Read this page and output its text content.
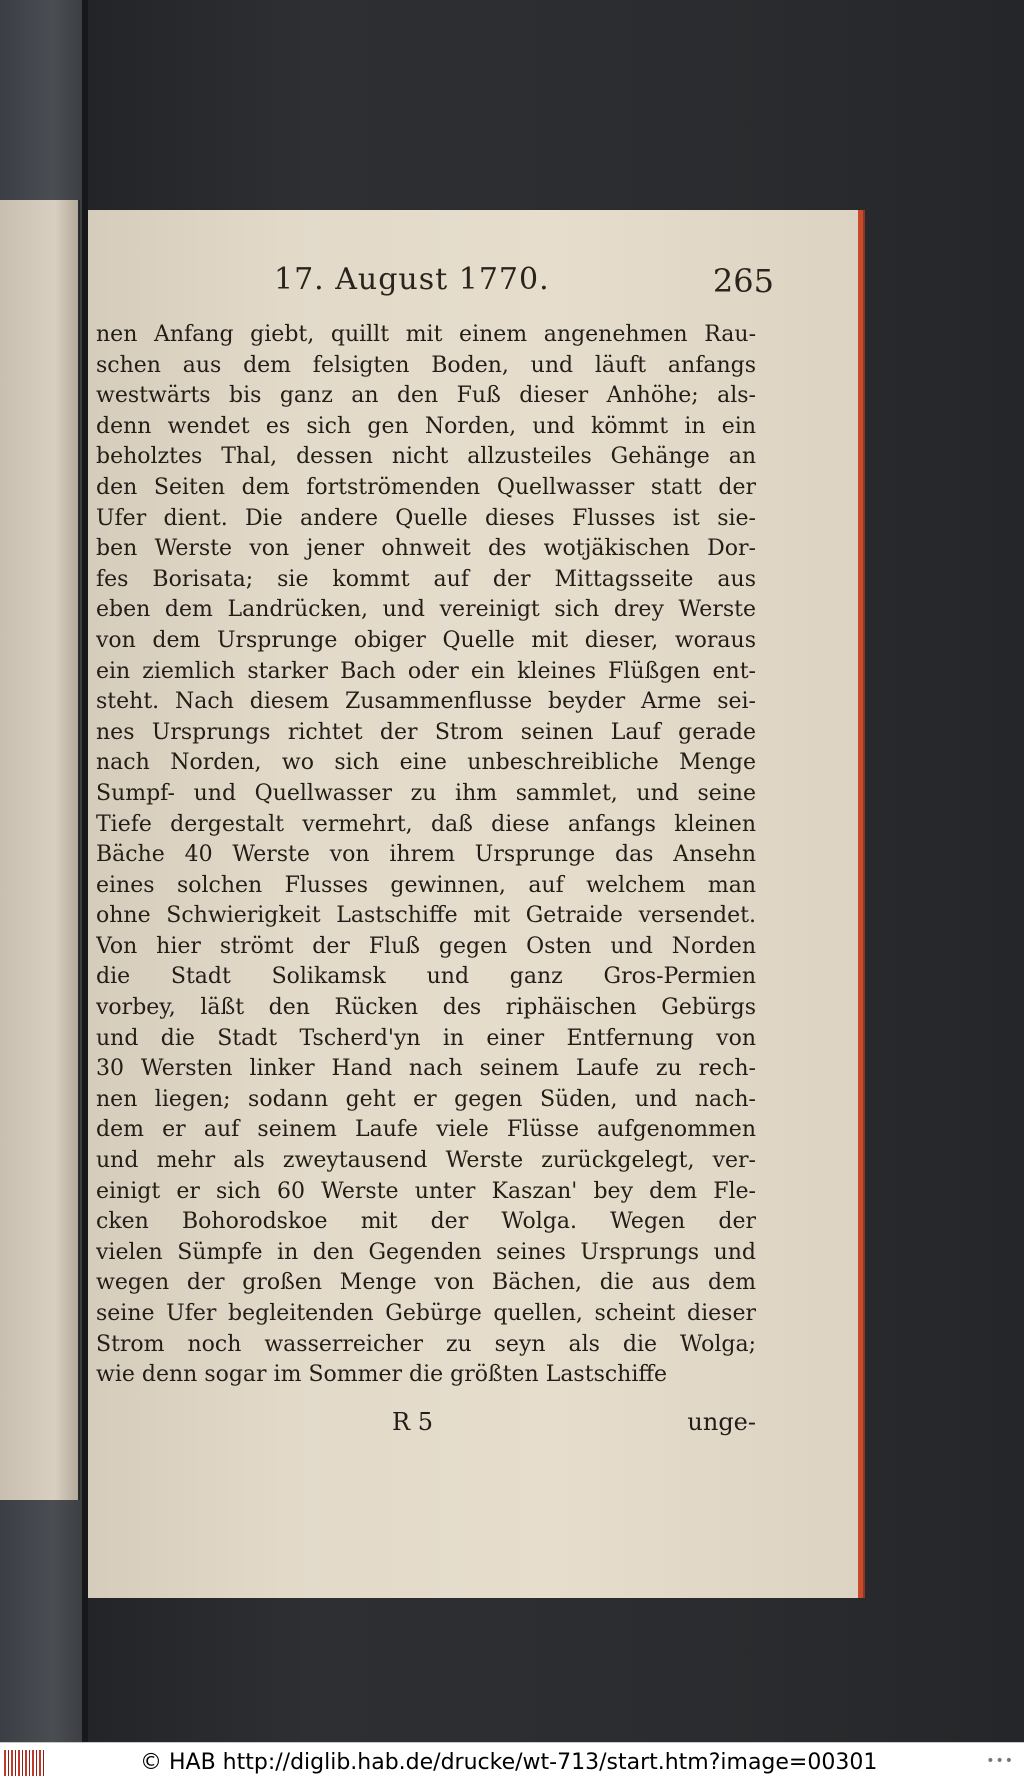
17. August 1770.	265
nen Anfang giebt, quillt mit einem angenehmen Rau-
schen aus dem felsigten Boden, und läuft anfangs
westwärts bis ganz an den Fuß dieser Anhöhe; als-
denn wendet es sich gen Norden, und kömmt in ein
beholztes Thal, dessen nicht allzusteiles Gehänge an
den Seiten dem fortströmenden Quellwasser statt der
Ufer dient. Die andere Quelle dieses Flusses ist sie-
ben Werste von jener ohnweit des wotjäkischen Dor-
fes Borisata; sie kommt auf der Mittagsseite aus
eben dem Landrücken, und vereinigt sich drey Werste
von dem Ursprunge obiger Quelle mit dieser, woraus
ein ziemlich starker Bach oder ein kleines Flüßgen ent-
steht. Nach diesem Zusammenflusse beyder Arme sei-
nes Ursprungs richtet der Strom seinen Lauf gerade
nach Norden, wo sich eine unbeschreibliche Menge
Sumpf- und Quellwasser zu ihm sammlet, und seine
Tiefe dergestalt vermehrt, daß diese anfangs kleinen
Bäche 40 Werste von ihrem Ursprunge das Ansehn
eines solchen Flusses gewinnen, auf welchem man
ohne Schwierigkeit Lastschiffe mit Getraide versendet.
Von hier strömt der Fluß gegen Osten und Norden
die Stadt Solikamsk und ganz Gros-Permien
vorbey, läßt den Rücken des riphäischen Gebürgs
und die Stadt Tscherd'yn in einer Entfernung von
30 Wersten linker Hand nach seinem Laufe zu rech-
nen liegen; sodann geht er gegen Süden, und nach-
dem er auf seinem Laufe viele Flüsse aufgenommen
und mehr als zweytausend Werste zurückgelegt, ver-
einigt er sich 60 Werste unter Kaszan' bey dem Fle-
cken Bohorodskoe mit der Wolga. Wegen der
vielen Sümpfe in den Gegenden seines Ursprungs und
wegen der großen Menge von Bächen, die aus dem
seine Ufer begleitenden Gebürge quellen, scheint dieser
Strom noch wasserreicher zu seyn als die Wolga;
wie denn sogar im Sommer die größten Lastschiffe
R 5	unge-
© HAB http://diglib.hab.de/drucke/wt-713/start.htm?image=00301	•••
